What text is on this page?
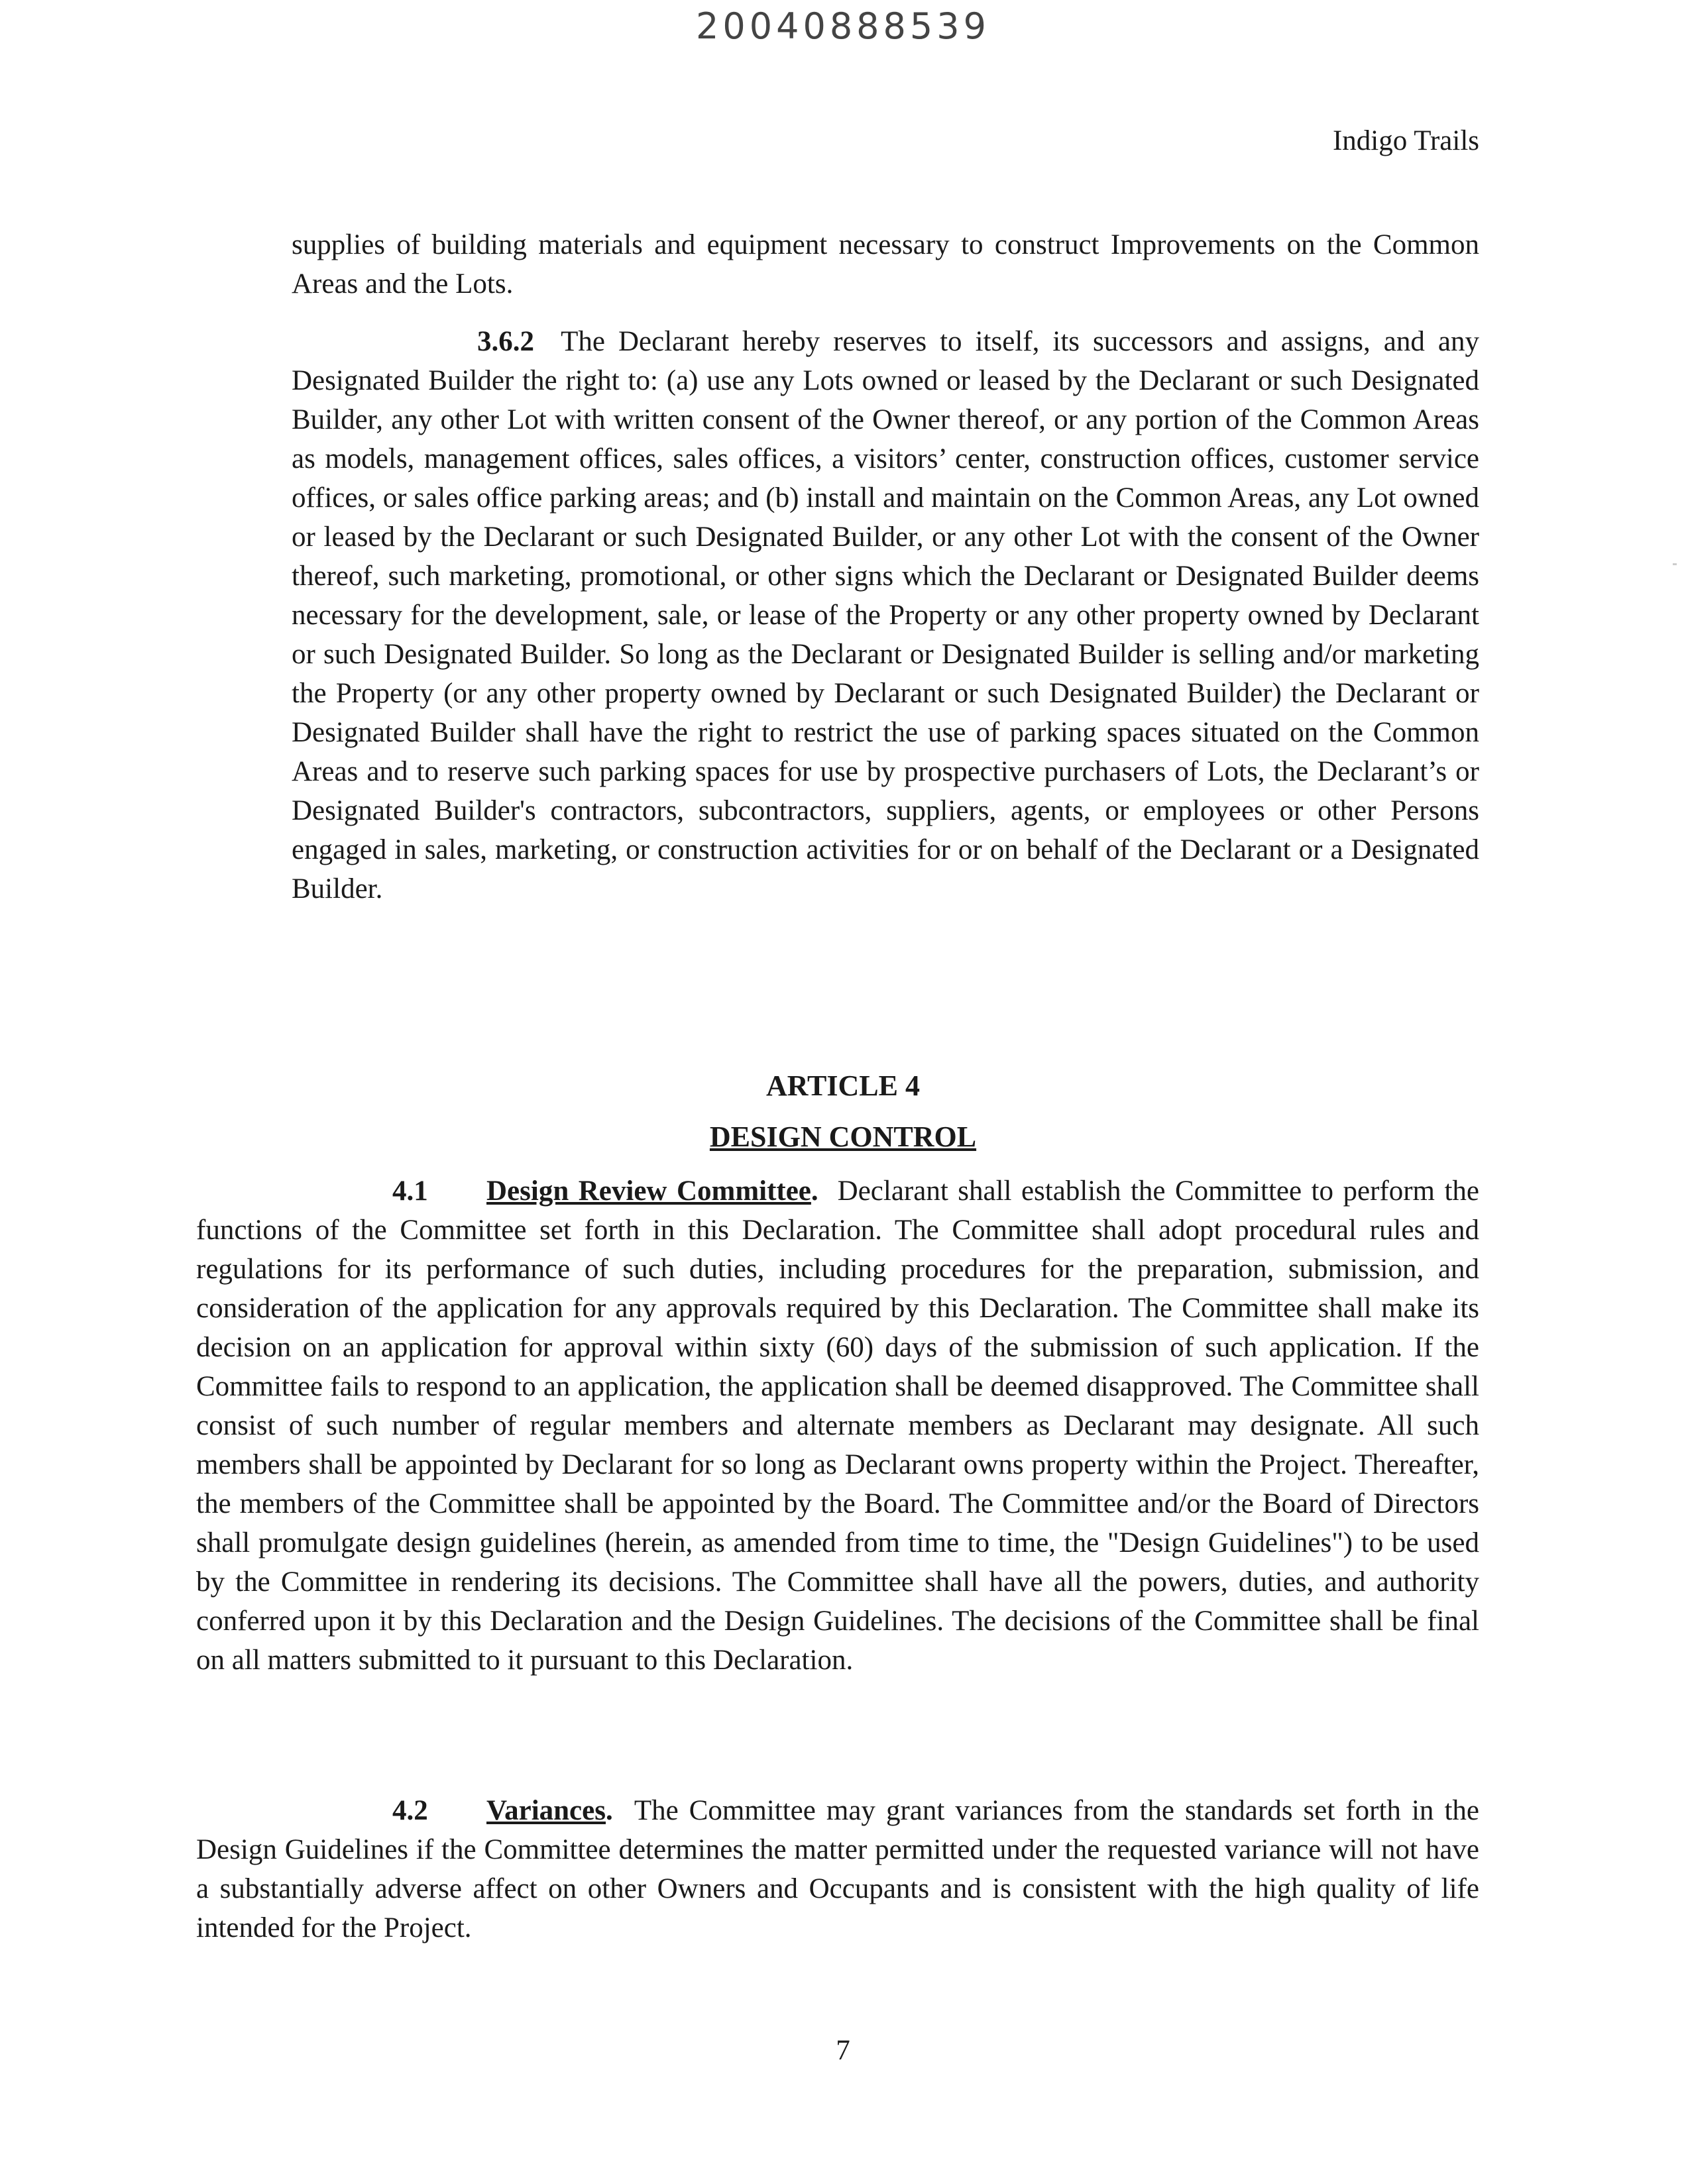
20040888539
Indigo Trails

supplies of building materials and equipment necessary to construct Improvements on the Common Areas and the Lots.

3.6.2 The Declarant hereby reserves to itself, its successors and assigns, and any Designated Builder the right to: (a) use any Lots owned or leased by the Declarant or such Designated Builder, any other Lot with written consent of the Owner thereof, or any portion of the Common Areas as models, management offices, sales offices, a visitors’ center, construction offices, customer service offices, or sales office parking areas; and (b) install and maintain on the Common Areas, any Lot owned or leased by the Declarant or such Designated Builder, or any other Lot with the consent of the Owner thereof, such marketing, promotional, or other signs which the Declarant or Designated Builder deems necessary for the development, sale, or lease of the Property or any other property owned by Declarant or such Designated Builder. So long as the Declarant or Designated Builder is selling and/or marketing the Property (or any other property owned by Declarant or such Designated Builder) the Declarant or Designated Builder shall have the right to restrict the use of parking spaces situated on the Common Areas and to reserve such parking spaces for use by prospective purchasers of Lots, the Declarant’s or Designated Builder's contractors, subcontractors, suppliers, agents, or employees or other Persons engaged in sales, marketing, or construction activities for or on behalf of the Declarant or a Designated Builder.

ARTICLE 4
DESIGN CONTROL

4.1 Design Review Committee. Declarant shall establish the Committee to perform the functions of the Committee set forth in this Declaration. The Committee shall adopt procedural rules and regulations for its performance of such duties, including procedures for the preparation, submission, and consideration of the application for any approvals required by this Declaration. The Committee shall make its decision on an application for approval within sixty (60) days of the submission of such application. If the Committee fails to respond to an application, the application shall be deemed disapproved. The Committee shall consist of such number of regular members and alternate members as Declarant may designate. All such members shall be appointed by Declarant for so long as Declarant owns property within the Project. Thereafter, the members of the Committee shall be appointed by the Board. The Committee and/or the Board of Directors shall promulgate design guidelines (herein, as amended from time to time, the "Design Guidelines") to be used by the Committee in rendering its decisions. The Committee shall have all the powers, duties, and authority conferred upon it by this Declaration and the Design Guidelines. The decisions of the Committee shall be final on all matters submitted to it pursuant to this Declaration.

4.2 Variances. The Committee may grant variances from the standards set forth in the Design Guidelines if the Committee determines the matter permitted under the requested variance will not have a substantially adverse affect on other Owners and Occupants and is consistent with the high quality of life intended for the Project.

7
